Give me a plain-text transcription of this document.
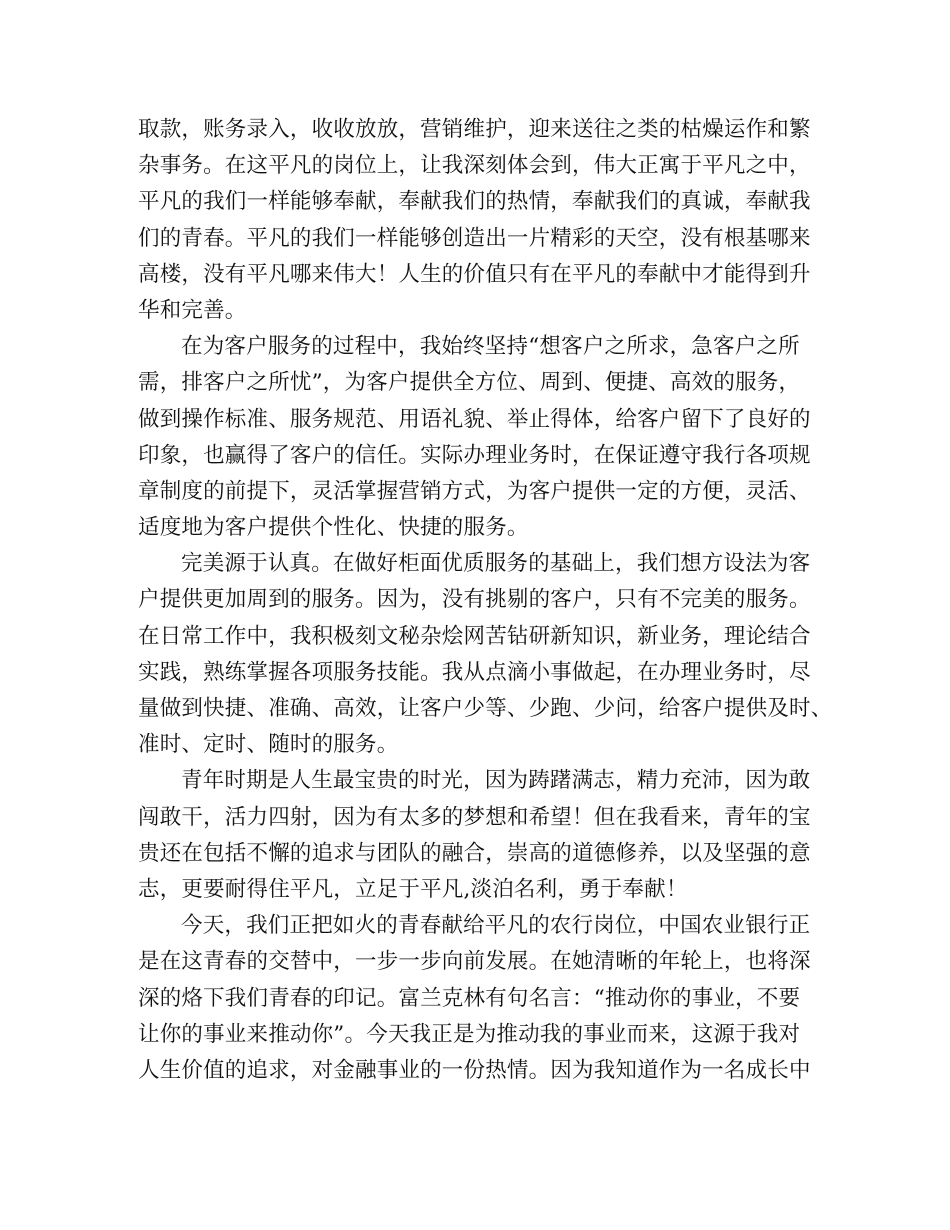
取款，账务录入，收收放放，营销维护，迎来送往之类的枯燥运作和繁
杂事务。在这平凡的岗位上，让我深刻体会到，伟大正寓于平凡之中，
平凡的我们一样能够奉献，奉献我们的热情，奉献我们的真诚，奉献我
们的青春。平凡的我们一样能够创造出一片精彩的天空，没有根基哪来
高楼，没有平凡哪来伟大！人生的价值只有在平凡的奉献中才能得到升
华和完善。
在为客户服务的过程中，我始终坚持“想客户之所求，急客户之所
需，排客户之所忧”，为客户提供全方位、周到、便捷、高效的服务，
做到操作标准、服务规范、用语礼貌、举止得体，给客户留下了良好的
印象，也赢得了客户的信任。实际办理业务时，在保证遵守我行各项规
章制度的前提下，灵活掌握营销方式，为客户提供一定的方便，灵活、
适度地为客户提供个性化、快捷的服务。
完美源于认真。在做好柜面优质服务的基础上，我们想方设法为客
户提供更加周到的服务。因为，没有挑剔的客户，只有不完美的服务。
在日常工作中，我积极刻文秘杂烩网苦钻研新知识，新业务，理论结合
实践，熟练掌握各项服务技能。我从点滴小事做起，在办理业务时，尽
量做到快捷、准确、高效，让客户少等、少跑、少问，给客户提供及时、
准时、定时、随时的服务。
青年时期是人生最宝贵的时光，因为踌躇满志，精力充沛，因为敢
闯敢干，活力四射，因为有太多的梦想和希望！但在我看来，青年的宝
贵还在包括不懈的追求与团队的融合，崇高的道德修养，以及坚强的意
志，更要耐得住平凡，立足于平凡,淡泊名利，勇于奉献！
今天，我们正把如火的青春献给平凡的农行岗位，中国农业银行正
是在这青春的交替中，一步一步向前发展。在她清晰的年轮上，也将深
深的烙下我们青春的印记。富兰克林有句名言：“推动你的事业，不要
让你的事业来推动你”。今天我正是为推动我的事业而来，这源于我对
人生价值的追求，对金融事业的一份热情。因为我知道作为一名成长中
